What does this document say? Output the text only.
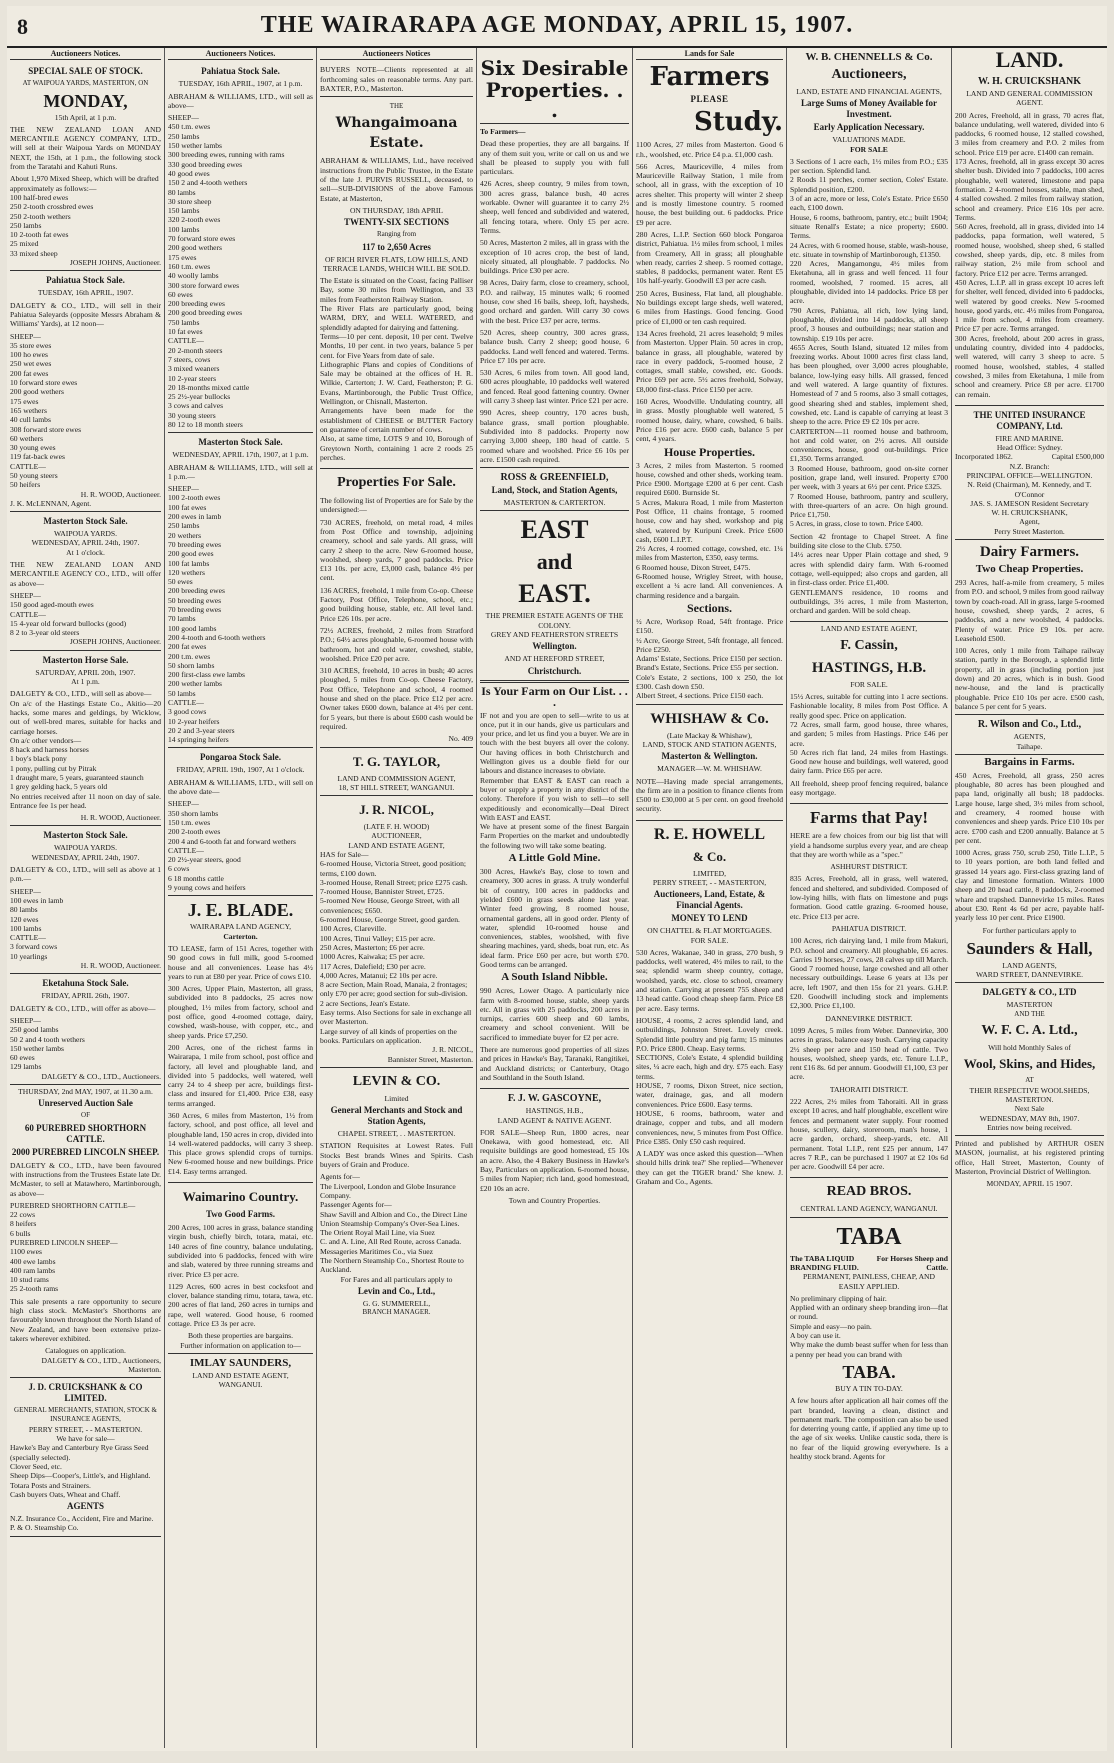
8	THE WAIRARAPA AGE MONDAY, APRIL 15, 1907.
Auctioneers Notices.
SPECIAL SALE OF STOCK.
AT WAIPOUA YARDS, MASTERTON, ON
MONDAY,
15th April, at 1 p.m.
THE NEW ZEALAND LOAN AND MERCANTILE AGENCY COMPANY, LTD., will sell at their Waipoua Yards on MONDAY NEXT, the 15th, at 1 p.m., the following stock from the Taratahi and Kahuti Runs.
About 1,970 Mixed Sheep, which will be drafted approximately as follows:—
100 half-bred ewes
250 2-tooth crossbred ewes
250 2-tooth wethers
250 lambs
10 2-tooth fat ewes
25 mixed
33 mixed sheep
JOSEPH JOHNS, Auctioneer.
Pahiatua Stock Sale.
TUESDAY, 16th APRIL, 1907.
DALGETY & CO., LTD., will sell in their Pahiatua Saleyards (opposite Messrs Abraham & Williams' Yards), at 12 noon—
SHEEP—
35 store ewes
100 ho ewes
250 wet ewes
200 fat ewes
10 forward store ewes
200 good wethers
175 ewes
165 wethers
40 cull lambs
308 forward store ewes
60 wethers
30 young ewes
119 fat-back ewes
CATTLE—
50 young steers
50 heifers
H. R. WOOD, Auctioneer.
J. K. McLENNAN, Agent.
Masterton Stock Sale.
WAIPOUA YARDS.
WEDNESDAY, APRIL 24th, 1907.
At 1 o'clock.
THE NEW ZEALAND LOAN AND MERCANTILE AGENCY CO., LTD., will offer as above—
SHEEP—
150 good aged-mouth ewes
CATTLE—
15 4-year old forward bullocks (good)
8 2 to 3-year old steers
JOSEPH JOHNS, Auctioneer.
Masterton Horse Sale.
SATURDAY, APRIL 20th, 1907.
At 1 p.m.
DALGETY & CO., LTD., will sell as above—
On a/c of the Hastings Estate Co., Akitio—20 hacks, some mares and geldings, by Wicklow, out of well-bred mares, suitable for hacks and carriage horses.
On a/c other vendors—
8 hack and harness horses
1 boy's black pony
1 pony, pulling cut by Pitrak
1 draught mare, 5 years, guaranteed staunch
1 grey gelding hack, 5 years old
No entries received after 11 noon on day of sale. Entrance fee 1s per head.
H. R. WOOD, Auctioneer.
Masterton Stock Sale.
WAIPOUA YARDS.
WEDNESDAY, APRIL 24th, 1907.
DALGETY & CO., LTD., will sell as above at 1 p.m.—
SHEEP—
100 ewes in lamb
80 lambs
120 ewes
100 lambs
CATTLE—
3 forward cows
10 yearlings
H. R. WOOD, Auctioneer.
Eketahuna Stock Sale.
FRIDAY, APRIL 26th, 1907.
DALGETY & CO., LTD., will offer as above—
SHEEP—
250 good lambs
50 2 and 4 tooth wethers
150 wether lambs
60 ewes
129 lambs
DALGETY & CO., LTD., Auctioneers.
THURSDAY, 2nd MAY, 1907, at 11.30 a.m.
Unreserved Auction Sale
OF
60 PUREBRED SHORTHORN CATTLE.
2000 PUREBRED LINCOLN SHEEP.
DALGETY & CO., LTD., have been favoured with instructions from the Trustees Estate late Dr. McMaster, to sell at Matawhero, Martinborough, as above—
PUREBRED SHORTHORN CATTLE—
22 cows
8 heifers
6 bulls
PUREBRED LINCOLN SHEEP—
1100 ewes
400 ewe lambs
400 ram lambs
10 stud rams
25 2-tooth rams
This sale presents a rare opportunity to secure high class stock. McMaster's Shorthorns are favourably known throughout the North Island of New Zealand, and have been extensive prize-takers wherever exhibited.
Catalogues on application.
DALGETY & CO., LTD., Auctioneers, Masterton.
J. D. CRUICKSHANK & CO LIMITED.
GENERAL MERCHANTS, STATION, STOCK & INSURANCE AGENTS,
PERRY STREET, - - MASTERTON.
We have for sale—
Hawke's Bay and Canterbury Rye Grass Seed (specially selected).
Clover Seed, etc.
Sheep Dips—Cooper's, Little's, and Highland.
Totara Posts and Strainers.
Cash buyers Oats, Wheat and Chaff.
AGENTS
N.Z. Insurance Co., Accident, Fire and Marine.
P. & O. Steamship Co.
Auctioneers Notices.
Pahiatua Stock Sale.
TUESDAY, 16th APRIL, 1907, at 1 p.m.
ABRAHAM & WILLIAMS, LTD., will sell as above—
SHEEP—
450 t.m. ewes
250 lambs
150 wether lambs
300 breeding ewes, running with rams
330 good breeding ewes
40 good ewes
150 2 and 4-tooth wethers
80 lambs
30 store sheep
150 lambs
320 2-tooth ewes
100 lambs
70 forward store ewes
200 good wethers
175 ewes
160 t.m. ewes
40 woolly lambs
300 store forward ewes
60 ewes
200 breeding ewes
200 good breeding ewes
750 lambs
10 fat ewes
CATTLE—
20 2-month steers
7 steers, cows
3 mixed weaners
10 2-year steers
20 18-months mixed cattle
25 2½-year bullocks
3 cows and calves
30 young steers
80 12 to 18 month steers
Masterton Stock Sale.
WEDNESDAY, APRIL 17th, 1907, at 1 p.m.
ABRAHAM & WILLIAMS, LTD., will sell at 1 p.m.—
SHEEP—
100 2-tooth ewes
100 fat ewes
200 ewes in lamb
250 lambs
20 wethers
70 breeding ewes
200 good ewes
100 fat lambs
120 wethers
50 ewes
200 breeding ewes
50 breeding ewes
70 breeding ewes
70 lambs
100 good lambs
200 4-tooth and 6-tooth wethers
200 fat ewes
200 t.m. ewes
50 shorn lambs
200 first-class ewe lambs
200 wether lambs
50 lambs
CATTLE—
3 good cows
10 2-year heifers
20 2 and 3-year steers
14 springing heifers
Pongaroa Stock Sale.
FRIDAY, APRIL 19th, 1907, At 1 o'clock.
ABRAHAM & WILLIAMS, LTD., will sell on the above date—
SHEEP—
350 shorn lambs
150 t.m. ewes
200 2-tooth ewes
200 4 and 6-tooth fat and forward wethers
CATTLE—
20 2½-year steers, good
6 cows
6 18 months cattle
9 young cows and heifers
J. E. BLADE.
WAIRARAPA LAND AGENCY,
Carterton.
TO LEASE, farm of 151 Acres, together with 90 good cows in full milk, good 5-roomed house and all conveniences. Lease has 4½ years to run at £80 per year. Price of cows £10.
300 Acres, Upper Plain, Masterton, all grass, subdivided into 8 paddocks, 25 acres now ploughed, 1½ miles from factory, school and post office, good 4-roomed cottage, dairy, cowshed, wash-house, with copper, etc., and sheep yards. Price £7,250.
200 Acres, one of the richest farms in Wairarapa, 1 mile from school, post office and factory, all level and ploughable land, and divided into 5 paddocks, well watered, well carry 24 to 4 sheep per acre, buildings first-class and insured for £1,400. Price £38, easy terms arranged.
360 Acres, 6 miles from Masterton, 1½ from factory, school, and post office, all level and ploughable land, 150 acres in crop, divided into 14 well-watered paddocks, will carry 3 sheep. This place grows splendid crops of turnips. New 6-roomed house and new buildings. Price £14. Easy terms arranged.
Waimarino Country.
Two Good Farms.
200 Acres, 100 acres in grass, balance standing virgin bush, chiefly birch, totara, matai, etc. 140 acres of fine country, balance undulating, subdivided into 6 paddocks, fenced with wire and slab, watered by three running streams and river. Price £3 per acre.
1129 Acres, 600 acres in best cocksfoot and clover, balance standing rimu, totara, tawa, etc. 200 acres of flat land, 260 acres in turnips and rape, well watered. Good house, 6 roomed cottage. Price £3 3s per acre.
Both these properties are bargains.
Further information on application to—
IMLAY SAUNDERS,
LAND AND ESTATE AGENT,
WANGANUI.
Auctioneers Notices
BUYERS NOTE—Clients represented at all forthcoming sales on reasonable terms. Any part. BAXTER, P.O., Masterton.
THE
Whangaimoana Estate.
ABRAHAM & WILLIAMS, Ltd., have received instructions from the Public Trustee, in the Estate of the late J. PURVIS RUSSELL, deceased, to sell—SUB-DIVISIONS of the above Famous Estate, at Masterton,
ON THURSDAY, 18th APRIL
TWENTY-SIX SECTIONS
Ranging from
117 to 2,650 Acres
OF RICH RIVER FLATS, LOW HILLS, AND TERRACE LANDS, WHICH WILL BE SOLD.
The Estate is situated on the Coast, facing Palliser Bay, some 30 miles from Wellington, and 33 miles from Featherston Railway Station.
The River Flats are particularly good, being WARM, DRY, and WELL WATERED, and splendidly adapted for dairying and fattening.
Terms—10 per cent. deposit, 10 per cent. Twelve Months, 10 per cent. in two years, balance 5 per cent. for Five Years from date of sale.
Lithographic Plans and copies of Conditions of Sale may be obtained at the offices of H. R. Wilkie, Carterton; J. W. Card, Featherston; P. G. Evans, Martinborough, the Public Trust Office, Wellington, or Chisnall, Masterton.
Arrangements have been made for the establishment of CHEESE or BUTTER Factory on guarantee of certain number of cows.
Also, at same time, LOTS 9 and 10, Borough of Greytown North, containing 1 acre 2 roods 25 perches.
Properties For Sale.
The following list of Properties are for Sale by the undersigned:—
730 ACRES, freehold, on metal road, 4 miles from Post Office and township, adjoining creamery, school and sale yards. All grass, will carry 2 sheep to the acre. New 6-roomed house, woolshed, sheep yards, 7 good paddocks. Price £13 10s. per acre, £3,000 cash, balance 4½ per cent.
136 ACRES, freehold, 1 mile from Co-op. Cheese Factory, Post Office, Telephone, school, etc.; good building house, stable, etc. All level land. Price £26 10s. per acre.
72½ ACRES, freehold, 2 miles from Stratford P.O.; 64½ acres ploughable, 6-roomed house with bathroom, hot and cold water, cowshed, stable, woolshed. Price £20 per acre.
310 ACRES, freehold, 10 acres in bush; 40 acres ploughed, 5 miles from Co-op. Cheese Factory, Post Office, Telephone and school, 4 roomed house and shed on the place. Price £12 per acre. Owner takes £600 down, balance at 4½ per cent. for 5 years, but there is about £600 cash would be required.
No. 409
T. G. TAYLOR,
LAND AND COMMISSION AGENT,
18, ST HILL STREET, WANGANUI.
J. R. NICOL,
(LATE F. H. WOOD)
AUCTIONEER,
LAND AND ESTATE AGENT,
HAS for Sale—
6-roomed House, Victoria Street, good position; terms, £100 down.
3-roomed House, Renall Street; price £275 cash.
7-roomed House, Bannister Street, £725.
5-roomed New House, George Street, with all conveniences; £650.
6-roomed House, George Street, good garden.
100 Acres, Clareville.
100 Acres, Tinui Valley; £15 per acre.
250 Acres, Masterton; £6 per acre.
1000 Acres, Kaiwaka; £5 per acre.
117 Acres, Dalefield; £30 per acre.
4,000 Acres, Matanui; £2 10s per acre.
8 acre Section, Main Road, Manaia, 2 frontages; only £70 per acre; good section for sub-division.
2 acre Sections, Jean's Estate.
Easy terms. Also Sections for sale in exchange all over Masterton.
Large survey of all kinds of properties on the books. Particulars on application.
J. R. NICOL,
Bannister Street, Masterton.
LEVIN & CO.
Limited
General Merchants and Stock and Station Agents,
CHAPEL STREET, . . MASTERTON.
STATION Requisites at Lowest Rates. Full Stocks Best brands Wines and Spirits. Cash buyers of Grain and Produce.
Agents for—
The Liverpool, London and Globe Insurance Company.
Passenger Agents for—
Shaw Savill and Albion and Co., the Direct Line
Union Steamship Company's Over-Sea Lines.
The Orient Royal Mail Line, via Suez
C. and A. Line, All Red Route, across Canada.
Messageries Maritimes Co., via Suez
The Northern Steamship Co., Shortest Route to Auckland.
For Fares and all particulars apply to
Levin and Co., Ltd.,
G. G. SUMMERELL,
BRANCH MANAGER.
Six Desirable
Properties. . .
To Farmers—
Dead these properties, they are all bargains. If any of them suit you, write or call on us and we shall be pleased to supply you with full particulars.
426 Acres, sheep country, 9 miles from town, 300 acres grass, balance bush, 40 acres workable. Owner will guarantee it to carry 2½ sheep, well fenced and subdivided and watered, all fencing totara, where. Only £5 per acre. Terms.
50 Acres, Masterton 2 miles, all in grass with the exception of 10 acres crop, the best of land, nicely situated, all ploughable. 7 paddocks. No buildings. Price £30 per acre.
98 Acres, Dairy farm, close to creamery, school, P.O. and railway, 15 minutes walk; 6 roomed house, cow shed 16 bails, sheep, loft, haysheds, good orchard and garden. Will carry 30 cows with the best. Price £37 per acre, terms.
520 Acres, sheep country, 300 acres grass, balance bush. Carry 2 sheep; good house, 6 paddocks. Land well fenced and watered. Terms. Price £7 10s per acre.
530 Acres, 6 miles from town. All good land, 600 acres ploughable, 10 paddocks well watered and fenced. Real good fattening country. Owner will carry 3 sheep last winter. Price £21 per acre.
990 Acres, sheep country, 170 acres bush, balance grass, small portion ploughable. Subdivided into 8 paddocks. Property now carrying 3,000 sheep, 180 head of cattle. 5 roomed whare and woolshed. Price £6 10s per acre. £1500 cash required.
ROSS & GREENFIELD,
Land, Stock, and Station Agents,
MASTERTON & CARTERTON.
EAST
and
EAST.
THE PREMIER ESTATE AGENTS OF THE COLONY.
GREY AND FEATHERSTON STREETS
Wellington.
AND AT HEREFORD STREET,
Christchurch.
Is Your Farm on Our List. . . .
IF not and you are open to sell—write to us at once, put it in our hands, give us particulars and your price, and let us find you a buyer. We are in touch with the best buyers all over the colony. Our having offices in both Christchurch and Wellington gives us a double field for our labours and distance increases to obviate.
Remember that EAST & EAST can reach a buyer or supply a property in any district of the colony. Therefore if you wish to sell—to sell expeditiously and economically—Deal Direct With EAST and EAST.
We have at present some of the finest Bargain Farm Properties on the market and undoubtedly the following two will take some beating.
A Little Gold Mine.
300 Acres, Hawke's Bay, close to town and creamery, 300 acres in grass. A truly wonderful bit of country, 100 acres in paddocks and yielded £600 in grass seeds alone last year. Winter feed growing, 8 roomed house, ornamental gardens, all in good order. Plenty of water, splendid 10-roomed house and conveniences, stables, woolshed, with five shearing machines, yard, sheds, boat run, etc. As ideal farm. Price £60 per acre, but worth £70. Good terms can be arranged.
A South Island Nibble.
990 Acres, Lower Otago. A particularly nice farm with 8-roomed house, stable, sheep yards etc. All in grass with 25 paddocks, 200 acres in turnips, carries 600 sheep and 60 lambs, creamery and school convenient. Will be sacrificed to immediate buyer for £2 per acre.
There are numerous good properties of all sizes and prices in Hawke's Bay, Taranaki, Rangitikei, and Auckland districts; or Canterbury, Otago and Southland in the South Island.
F. J. W. GASCOYNE,
HASTINGS, H.B.,
LAND AGENT & NATIVE AGENT.
FOR SALE—Sheep Run, 1800 acres, near Onekawa, with good homestead, etc. All requisite buildings are good homestead, £5 10s an acre. Also, the 4 Bakery Business in Hawke's Bay, Particulars on application. 6-roomed house, 5 miles from Napier; rich land, good homestead, £20 10s an acre.
Town and Country Properties.
Lands for Sale
Farmers
PLEASE
Study.
1100 Acres, 27 miles from Masterton. Good 6 r.h., woolshed, etc. Price £4 p.a. £1,000 cash.
566 Acres, Mauriceville, 4 miles from Mauriceville Railway Station, 1 mile from school, all in grass, with the exception of 10 acres shelter. This property will winter 2 sheep and is mostly limestone country. 5 roomed house, the best building out. 6 paddocks. Price £9 per acre.
280 Acres, L.I.P. Section 660 block Pongaroa district, Pahiatua. 1½ miles from school, 1 miles from Creamery, All in grass; all ploughable when ready, carries 2 sheep. 5 roomed cottage, stables, 8 paddocks, permanent water. Rent £5 10s half-yearly. Goodwill £3 per acre cash.
250 Acres, Business, Flat land, all ploughable. No buildings except large sheds, well watered, 6 miles from Hastings. Good fencing. Good price of £1,000 or ten cash required.
134 Acres freehold, 21 acres leasehold; 9 miles from Masterton. Upper Plain. 50 acres in crop, balance in grass, all ploughable, watered by race in every paddock, 5-roomed house, 2 cottages, small stable, cowshed, etc. Goods. Price £69 per acre. 5½ acres freehold, Solway, £8,000 first-class. Price £150 per acre.
160 Acres, Woodville. Undulating country, all in grass. Mostly ploughable well watered, 5 roomed house, dairy, whare, cowshed, 6 bails. Price £16 per acre. £600 cash, balance 5 per cent, 4 years.
House Properties.
3 Acres, 2 miles from Masterton. 5 roomed house, cowshed and other sheds, working team. Price £900. Mortgage £200 at 6 per cent. Cash required £600. Burnside St.
5 Acres, Makura Road, 1 mile from Masterton Post Office, 11 chains frontage, 5 roomed house, cow and hay shed, workshop and pig shed, watered by Kuripuni Creek. Price £600 cash, £600 L.I.P.T.
2½ Acres, 4 roomed cottage, cowshed, etc. 1¼ miles from Masterton, £350, easy terms.
6 Roomed house, Dixon Street, £475.
6-Roomed house, Wrigley Street, with house, excellent a ¼ acre land. All conveniences. A charming residence and a bargain.
Sections.
½ Acre, Worksop Road, 54ft frontage. Price £150.
½ Acre, George Street, 54ft frontage, all fenced. Price £250.
Adams' Estate, Sections. Price £150 per section.
Brand's Estate, Sections. Price £55 per section.
Cole's Estate, 2 sections, 100 x 250, the lot £300. Cash down £50.
Albert Street, 4 sections. Price £150 each.
WHISHAW & Co.
(Late Mackay & Whishaw),
LAND, STOCK AND STATION AGENTS,
Masterton & Wellington.
MANAGER—W. M. WHISHAW.
NOTE—Having made special arrangements, the firm are in a position to finance clients from £500 to £30,000 at 5 per cent. on good freehold security.
R. E. HOWELL
& Co.
LIMITED,
PERRY STREET, - - MASTERTON,
Auctioneers, Land, Estate, & Financial Agents.
MONEY TO LEND
ON CHATTEL & FLAT MORTGAGES.
FOR SALE.
530 Acres, Wakanae, 340 in grass, 270 bush, 9 paddocks, well watered, 4½ miles to rail, to the sea; splendid warm sheep country, cottage, woolshed, yards, etc. close to school, creamery and station. Carrying at present 755 sheep and 13 head cattle. Good cheap sheep farm. Price £8 per acre. Easy terms.
HOUSE, 4 rooms, 2 acres splendid land, and outbuildings, Johnston Street. Lovely creek. Splendid little poultry and pig farm; 15 minutes P.O. Price £800. Cheap. Easy terms.
SECTIONS, Cole's Estate, 4 splendid building sites, ¼ acre each, high and dry. £75 each. Easy terms.
HOUSE, 7 rooms, Dixon Street, nice section, water, drainage, gas, and all modern conveniences. Price £600. Easy terms.
HOUSE, 6 rooms, bathroom, water and drainage, copper and tubs, and all modern conveniences, new, 5 minutes from Post Office. Price £385. Only £50 cash required.
A LADY was once asked this question—'When should hills drink tea?' She replied—'Whenever they can get the TIGER brand.' She knew. J. Graham and Co., Agents.
W. B. CHENNELLS & Co.
Auctioneers,
LAND, ESTATE AND FINANCIAL AGENTS,
Large Sums of Money Available for Investment.
Early Application Necessary.
VALUATIONS MADE.
FOR SALE
3 Sections of 1 acre each, 1½ miles from P.O.; £35 per section. Splendid land.
2 Roods 11 perches, corner section, Coles' Estate. Splendid position, £200.
3 of an acre, more or less, Cole's Estate. Price £650 each, £100 down.
House, 6 rooms, bathroom, pantry, etc.; built 1904; situate Renall's Estate; a nice property; £600. Terms.
24 Acres, with 6 roomed house, stable, wash-house, etc. situate in township of Martinborough, £1350.
220 Acres, Mangamongu, 4½ miles from Eketahuna, all in grass and well fenced. 11 four roomed, woolshed, 7 roomed. 15 acres, all ploughable, divided into 14 paddocks. Price £8 per acre.
790 Acres, Pahiatua, all rich, low lying land, ploughable, divided into 14 paddocks, all sheep proof, 3 houses and outbuildings; near station and township. £19 10s per acre.
4655 Acres, South Island, situated 12 miles from freezing works. About 1000 acres first class land, has been ploughed, over 3,000 acres ploughable, balance, low-lying easy hills. All grassed, fenced and well watered. A large quantity of fixtures. Homestead of 7 and 5 rooms, also 3 small cottages, good shearing shed and stables, implement shed, cowshed, etc. Land is capable of carrying at least 3 sheep to the acre. Price £9 £2 10s per acre.
CARTERTON—11 roomed house and bathroom, hot and cold water, on 2½ acres. All outside conveniences, house, good out-buildings. Price £1,350. Terms arranged.
3 Roomed House, bathroom, good on-site corner position, grape land, well insured. Property £700 per week, with 3 years at 6½ per cent. Price £325.
7 Roomed House, bathroom, pantry and scullery, with three-quarters of an acre. On high ground. Price £1,750.
5 Acres, in grass, close to town. Price £400.
Section 42 frontage to Chapel Street. A fine building site close to the Club. £750.
14½ acres near Upper Plain cottage and shed, 9 acres with splendid dairy farm. With 6-roomed cottage, well-equipped; also crops and garden, all in first-class order. Price £1,400.
GENTLEMAN'S residence, 10 rooms and outbuildings, 3½ acres, 1 mile from Masterton, orchard and garden. Will be sold cheap.
LAND AND ESTATE AGENT,
F. Cassin,
HASTINGS, H.B.
FOR SALE.
15½ Acres, suitable for cutting into 1 acre sections. Fashionable locality, 8 miles from Post Office. A really good spec. Price on application.
72 Acres, small farm, good house, three whares, and garden; 5 miles from Hastings. Price £46 per acre.
50 Acres rich flat land, 24 miles from Hastings. Good new house and buildings, well watered, good dairy farm. Price £65 per acre.
All freehold, sheep proof fencing required, balance easy mortgage.
Farms that Pay!
HERE are a few choices from our big list that will yield a handsome surplus every year, and are cheap that they are worth while as a "spec."
ASHHURST DISTRICT.
835 Acres, Freehold, all in grass, well watered, fenced and sheltered, and subdivided. Composed of low-lying hills, with flats on limestone and pugs formation. Good cattle grazing. 6-roomed house, etc. Price £13 per acre.
PAHIATUA DISTRICT.
100 Acres, rich dairying land, 1 mile from Makuri, P.O. school and creamery. All ploughable, £6 acres. Carries 19 horses, 27 cows, 28 calves up till March. Good 7 roomed house, large cowshed and all other necessary outbuildings. Lease 6 years at 13s per acre, left 1907, and then 15s for 21 years. G.H.P. £20. Goodwill including stock and implements £2,300. Price £1,100.
DANNEVIRKE DISTRICT.
1099 Acres, 5 miles from Weber. Dannevirke, 300 acres in grass, balance easy bush. Carrying capacity 2½ sheep per acre and 150 head of cattle. Two houses, woolshed, sheep yards, etc. Tenure L.I.P., rent £16 8s. 6d per annum. Goodwill £1,100, £3 per acre.
TAHORAITI DISTRICT.
222 Acres, 2½ miles from Tahoraiti. All in grass except 10 acres, and half ploughable, excellent wire fences and permanent water supply. Four roomed house, scullery, dairy, storeroom, man's house, 1 acre garden, orchard, sheep-yards, etc. All permanent. Total L.I.P., rent £25 per annum, 147 acres 7 R.P., can be purchased 1 1907 at £2 10s 6d per acre. Goodwill £4 per acre.
READ BROS.
CENTRAL LAND AGENCY, WANGANUI.
TABA
The TABA LIQUID BRANDING FLUID.
For Horses Sheep and Cattle.
PERMANENT, PAINLESS, CHEAP, AND EASILY APPLIED.
No preliminary clipping of hair.
Applied with an ordinary sheep branding iron—flat or round.
Simple and easy—no pain.
A boy can use it.
Why make the dumb beast suffer when for less than a penny per head you can brand with
TABA.
BUY A TIN TO-DAY.
A few hours after application all hair comes off the part branded, leaving a clean, distinct and permanent mark. The composition can also be used for deterring young cattle, if applied any time up to the age of six weeks. Unlike caustic soda, there is no fear of the liquid growing everywhere. Is a healthy stock brand. Agents for
LAND.
W. H. CRUICKSHANK
LAND AND GENERAL COMMISSION AGENT.
200 Acres, Freehold, all in grass, 70 acres flat, balance undulating, well watered, divided into 6 paddocks, 6 roomed house, 12 stalled cowshed, 3 miles from creamery and P.O. 2 miles from school. Price £19 per acre. £1400 can remain.
173 Acres, freehold, all in grass except 30 acres shelter bush. Divided into 7 paddocks, 100 acres ploughable, well watered, limestone and papa formation. 2 4-roomed houses, stable, man shed, 4 stalled cowshed. 2 miles from railway station, school and creamery. Price £16 10s per acre. Terms.
560 Acres, freehold, all in grass, divided into 14 paddocks, papa formation, well watered, 5 roomed house, woolshed, sheep shed, 6 stalled cowshed, sheep yards, dip, etc. 8 miles from railway station, 2½ mile from school and factory. Price £12 per acre. Terms arranged.
450 Acres, L.I.P. all in grass except 10 acres left for shelter, well fenced, divided into 6 paddocks, well watered by good creeks. New 5-roomed house, good yards, etc. 4½ miles from Pongaroa, 1 mile from school, 4 miles from creamery. Price £7 per acre. Terms arranged.
300 Acres, freehold, about 200 acres in grass, undulating country, divided into 4 paddocks, well watered, will carry 3 sheep to acre. 5 roomed house, woolshed, stables, 4 stalled cowshed, 3 miles from Eketahuna, 1 mile from school and creamery. Price £8 per acre. £1700 can remain.
THE UNITED INSURANCE COMPANY, Ltd.
FIRE AND MARINE.
Head Office: Sydney.
Incorporated 1862.	Capital £500,000
N.Z. Branch:
PRINCIPAL OFFICE—WELLINGTON.
N. Reid (Chairman), M. Kennedy, and T. O'Connor
JAS. S. JAMESON Resident Secretary
W. H. CRUICKSHANK,
Agent,
Perry Street Masterton.
Dairy Farmers.
Two Cheap Properties.
293 Acres, half-a-mile from creamery, 5 miles from P.O. and school, 9 miles from good railway town by coach-road. All in grass, large 5-roomed house, cowshed, sheep yards, 2 acres, 6 paddocks, and a new woolshed, 4 paddocks. Plenty of water. Price £9 10s. per acre. Leasehold £500.
100 Acres, only 1 mile from Taihape railway station, partly in the Borough, a splendid little property, all in grass (including portion just down) and 20 acres, which is in bush. Good new-house, and the land is practically ploughable. Price £10 10s per acre. £500 cash, balance 5 per cent for 5 years.
R. Wilson and Co., Ltd.,
AGENTS,
Taihape.
Bargains in Farms.
450 Acres, Freehold, all grass, 250 acres ploughable, 80 acres has been ploughed and papa land, originally all bush; 18 paddocks. Large house, large shed, 3½ miles from school, and creamery, 4 roomed house with conveniences and sheep yards. Price £10 10s per acre. £700 cash and £200 annually. Balance at 5 per cent.
1000 Acres, grass 750, scrub 250, Title L.I.P., 5 to 10 years portion, are both land felled and grassed 14 years ago. First-class grazing land of clay and limestone formation. Winters 1000 sheep and 20 head cattle, 8 paddocks, 2-roomed whare and trapshed. Dannevirke 15 miles. Rates about £30. Rent 4s 6d per acre, payable half-yearly less 10 per cent. Price £1900.
For further particulars apply to
Saunders & Hall,
LAND AGENTS,
WARD STREET, DANNEVIRKE.
DALGETY & CO., LTD
MASTERTON
AND THE
W. F. C. A. Ltd.,
Will hold Monthly Sales of
Wool, Skins, and Hides,
AT
THEIR RESPECTIVE WOOLSHEDS,
MASTERTON.
Next Sale
WEDNESDAY, MAY 8th, 1907.
Entries now being received.
Printed and published by ARTHUR OSEN MASON, journalist, at his registered printing office, Hall Street, Masterton, County of Masterton, Provincial District of Wellington.
MONDAY, APRIL 15 1907.
